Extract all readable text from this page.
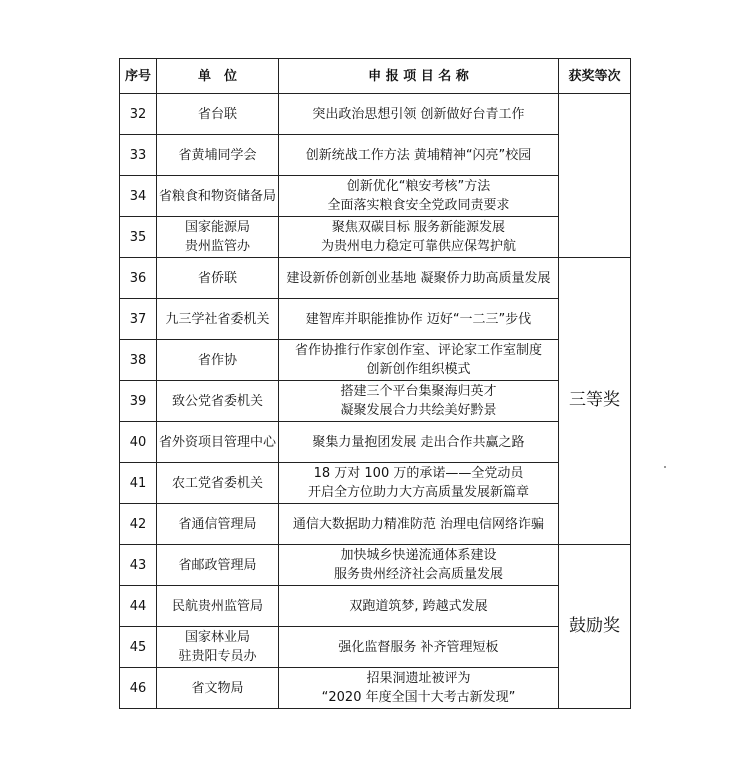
序号	单　位	申 报 项 目 名 称	获奖等次
32	省台联	突出政治思想引领 创新做好台青工作	

33	省黄埔同学会	创新统战工作方法 黄埔精神“闪亮”校园	

34	省粮食和物资储备局	创新优化“粮安考核”方法
全面落实粮食安全党政同责要求	

35	国家能源局
贵州监管办	聚焦双碳目标 服务新能源发展
为贵州电力稳定可靠供应保驾护航	

36	省侨联	建设新侨创新创业基地 凝聚侨力助高质量发展	三等奖
37	九三学社省委机关	建智库并职能推协作 迈好“一二三”步伐	

38	省作协	省作协推行作家创作室、评论家工作室制度
创新创作组织模式	

39	致公党省委机关	搭建三个平台集聚海归英才
凝聚发展合力共绘美好黔景	

40	省外资项目管理中心	聚集力量抱团发展 走出合作共赢之路	

41	农工党省委机关	18 万对 100 万的承诺——全党动员
开启全方位助力大方高质量发展新篇章	

42	省通信管理局	通信大数据助力精准防范 治理电信网络诈骗	

43	省邮政管理局	加快城乡快递流通体系建设
服务贵州经济社会高质量发展	鼓励奖
44	民航贵州监管局	双跑道筑梦, 跨越式发展	

45	国家林业局
驻贵阳专员办	强化监督服务 补齐管理短板	

46	省文物局	招果洞遗址被评为
“2020 年度全国十大考古新发现”	
